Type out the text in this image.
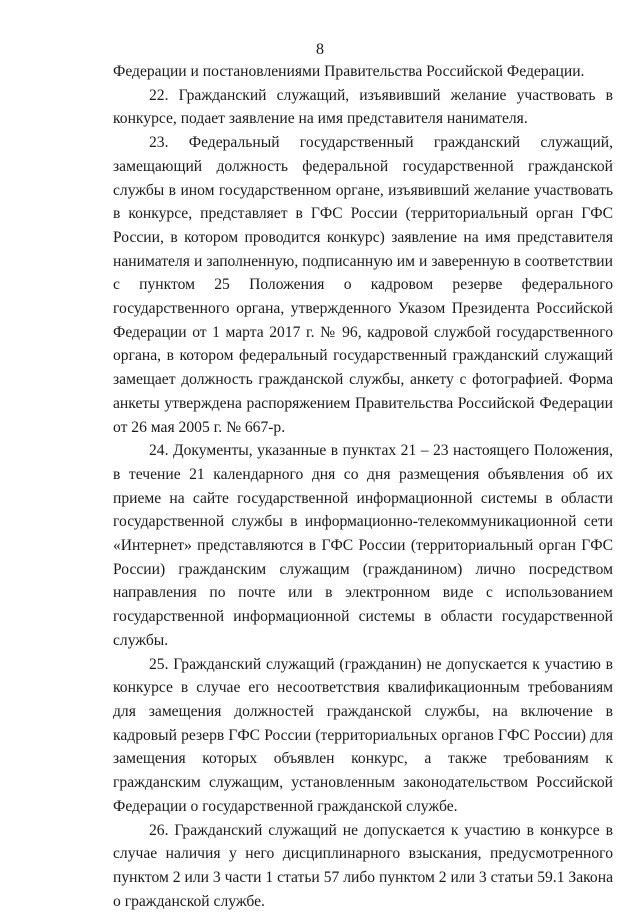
8

Федерации и постановлениями Правительства Российской Федерации.

22. Гражданский служащий, изъявивший желание участвовать в конкурсе, подает заявление на имя представителя нанимателя.

23. Федеральный государственный гражданский служащий, замещающий должность федеральной государственной гражданской службы в ином государственном органе, изъявивший желание участвовать в конкурсе, представляет в ГФС России (территориальный орган ГФС России, в котором проводится конкурс) заявление на имя представителя нанимателя и заполненную, подписанную им и заверенную в соответствии с пунктом 25 Положения о кадровом резерве федерального государственного органа, утвержденного Указом Президента Российской Федерации от 1 марта 2017 г. № 96, кадровой службой государственного органа, в котором федеральный государственный гражданский служащий замещает должность гражданской службы, анкету с фотографией. Форма анкеты утверждена распоряжением Правительства Российской Федерации от 26 мая 2005 г. № 667-р.

24. Документы, указанные в пунктах 21 – 23 настоящего Положения, в течение 21 календарного дня со дня размещения объявления об их приеме на сайте государственной информационной системы в области государственной службы в информационно-телекоммуникационной сети «Интернет» представляются в ГФС России (территориальный орган ГФС России) гражданским служащим (гражданином) лично посредством направления по почте или в электронном виде с использованием государственной информационной системы в области государственной службы.

25. Гражданский служащий (гражданин) не допускается к участию в конкурсе в случае его несоответствия квалификационным требованиям для замещения должностей гражданской службы, на включение в кадровый резерв ГФС России (территориальных органов ГФС России) для замещения которых объявлен конкурс, а также требованиям к гражданским служащим, установленным законодательством Российской Федерации о государственной гражданской службе.

26. Гражданский служащий не допускается к участию в конкурсе в случае наличия у него дисциплинарного взыскания, предусмотренного пунктом 2 или 3 части 1 статьи 57 либо пунктом 2 или 3 статьи 59.1 Закона о гражданской службе.
